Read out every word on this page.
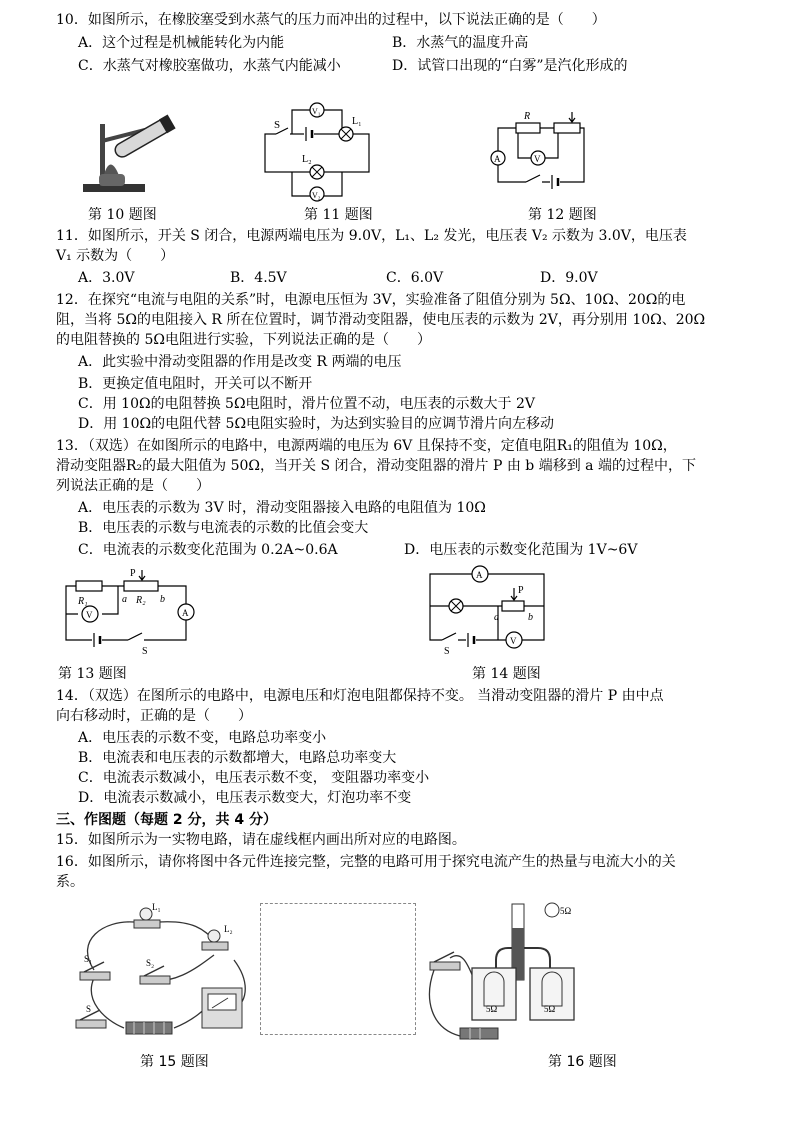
10．如图所示，在橡胶塞受到水蒸气的压力而冲出的过程中，以下说法正确的是（　　）
A．这个过程是机械能转化为内能	B．水蒸气的温度升高
C．水蒸气对橡胶塞做功，水蒸气内能减小	D．试管口出现的“白雾”是汽化形成的
S
V₁
L₁
L₂
V₂
R
A	V
第 10 题图	第 11 题图	第 12 题图
11．如图所示，开关 S 闭合，电源两端电压为 9.0V，L₁、L₂ 发光，电压表 V₂ 示数为 3.0V，电压表
V₁ 示数为（　　）
A．3.0V	B．4.5V	C．6.0V	D．9.0V
12．在探究“电流与电阻的关系”时，电源电压恒为 3V，实验准备了阻值分别为 5Ω、10Ω、20Ω的电
阻，当将 5Ω的电阻接入 R 所在位置时，调节滑动变阻器，使电压表的示数为 2V，再分别用 10Ω、20Ω
的电阻替换的 5Ω电阻进行实验，下列说法正确的是（　　）
A．此实验中滑动变阻器的作用是改变 R 两端的电压
B．更换定值电阻时，开关可以不断开
C．用 10Ω的电阻替换 5Ω电阻时，滑片位置不动，电压表的示数大于 2V
D．用 10Ω的电阻代替 5Ω电阻实验时，为达到实验目的应调节滑片向左移动
13．（双选）在如图所示的电路中，电源两端的电压为 6V 且保持不变，定值电阻R₁的阻值为 10Ω，
滑动变阻器R₂的最大阻值为 50Ω，当开关 S 闭合，滑动变阻器的滑片 P 由 b 端移到 a 端的过程中，下
列说法正确的是（　　）
A．电压表的示数为 3V 时，滑动变阻器接入电路的电阻值为 10Ω
B．电压表的示数与电流表的示数的比值会变大
C．电流表的示数变化范围为 0.2A~0.6A	D．电压表的示数变化范围为 1V~6V
R₁
P
a R₂ b
V	A
S
A
P
a	b
V
S
第 13 题图	第 14 题图
14．（双选）在图所示的电路中，电源电压和灯泡电阻都保持不变。 当滑动变阻器的滑片 P 由中点
向右移动时，正确的是（　　）
A．电压表的示数不变，电路总功率变小
B．电流表和电压表的示数都增大，电路总功率变大
C．电流表示数减小，电压表示数不变， 变阻器功率变小
D．电流表示数减小，电压表示数变大，灯泡功率不变
三、作图题（每题 2 分，共 4 分）
15．如图所示为一实物电路，请在虚线框内画出所对应的电路图。
16．如图所示，请你将图中各元件连接完整，完整的电路可用于探究电流产生的热量与电流大小的关
系。
L₁
L₂
S₁	S₂
S	5Ω	5Ω
5Ω
第 15 题图	第 16 题图
